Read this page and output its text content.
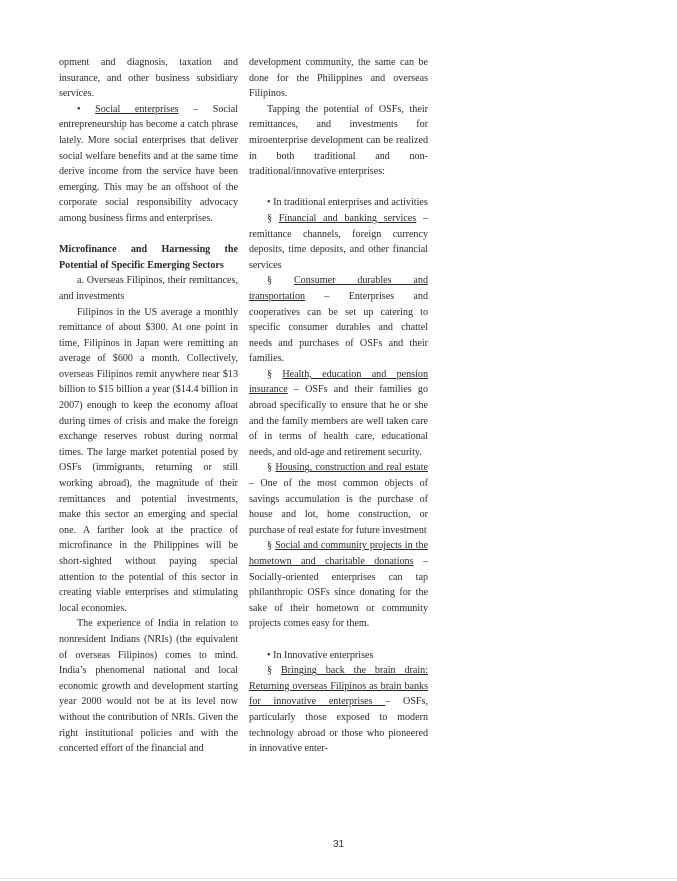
opment and diagnosis, taxation and insurance, and other business subsidiary services.

• Social enterprises – Social entrepreneurship has become a catch phrase lately. More social enterprises that deliver social welfare benefits and at the same time derive income from the service have been emerging. This may be an offshoot of the corporate social responsibility advocacy among business firms and enterprises.

Microfinance and Harnessing the Potential of Specific Emerging Sectors

a. Overseas Filipinos, their remittances, and investments

Filipinos in the US average a monthly remittance of about $300. At one point in time, Filipinos in Japan were remitting an average of $600 a month. Collectively, overseas Filipinos remit anywhere near $13 billion to $15 billion a year ($14.4 billion in 2007) enough to keep the economy afloat during times of crisis and make the foreign exchange reserves robust during normal times. The large market potential posed by OSFs (immigrants, returning or still working abroad), the magnitude of their remittances and potential investments, make this sector an emerging and special one. A farther look at the practice of microfinance in the Philippines will be short-sighted without paying special attention to the potential of this sector in creating viable enterprises and stimulating local economies.

The experience of India in relation to nonresident Indians (NRIs) (the equivalent of overseas Filipinos) comes to mind. India’s phenomenal national and local economic growth and development starting year 2000 would not be at its level now without the contribution of NRIs. Given the right institutional policies and with the concerted effort of the financial and

development community, the same can be done for the Philippines and overseas Filipinos.

Tapping the potential of OSFs, their remittances, and investments for miroenterprise development can be realized in both traditional and non-traditional/innovative enterprises:

• In traditional enterprises and activities

§ Financial and banking services – remittance channels, foreign currency deposits, time deposits, and other financial services

§ Consumer durables and transportation – Enterprises and cooperatives can be set up catering to specific consumer durables and chattel needs and purchases of OSFs and their families.

§ Health, education and pension insurance – OSFs and their families go abroad specifically to ensure that he or she and the family members are well taken care of in terms of health care, educational needs, and old-age and retirement security.

§ Housing, construction and real estate – One of the most common objects of savings accumulation is the purchase of house and lot, home construction, or purchase of real estate for future investment

§ Social and community projects in the hometown and charitable donations – Socially-oriented enterprises can tap philanthropic OSFs since donating for the sake of their hometown or community projects comes easy for them.

• In Innovative enterprises

§ Bringing back the brain drain: Returning overseas Filipinos as brain banks for innovative enterprises – OSFs, particularly those exposed to modern technology abroad or those who pioneered in innovative enter-

31
